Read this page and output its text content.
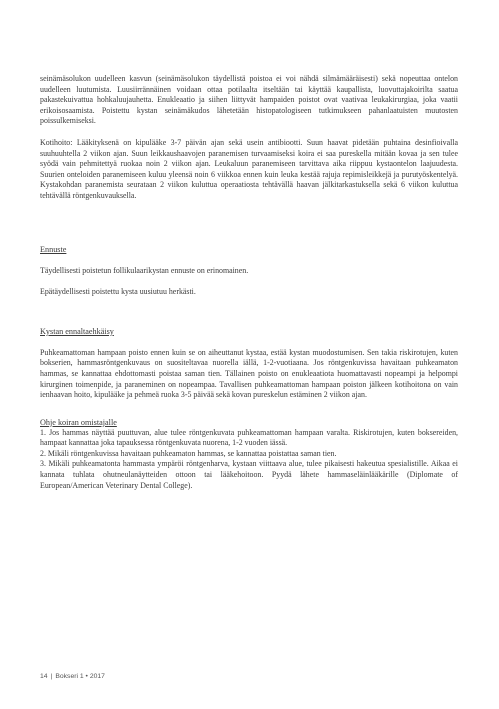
seinämäsolukon uudelleen kasvun (seinämäsolukon täydellistä poistoa ei voi nähdä silmämääräisesti) sekä nopeuttaa ontelon uudelleen luutumista. Luusiirrännäinen voidaan ottaa potilaalta itseltään tai käyttää kaupallista, luovuttajakoirilta saatua pakastekuivattua hohkaluujauhetta. Enukleaatio ja siihen liittyvät hampaiden poistot ovat vaativaa leukakirurgiaa, joka vaatii erikoisosaamista. Poistettu kystan seinämäkudos lähetetään histopatologiseen tutkimukseen pahanlaatuisten muutosten poissulkemiseksi.

Kotihoito: Lääkityksenä on kipulääke 3-7 päivän ajan sekä usein antibiootti. Suun haavat pidetään puhtaina desinfioivalla suuhuuhtella 2 viikon ajan. Suun leikkaushaavojen paranemisen turvaamiseksi koira ei saa pureskella mitään kovaa ja sen tulee syödä vain pehmitettyä ruokaa noin 2 viikon ajan. Leukaluun paranemiseen tarvittava aika riippuu kystaontelon laajuudesta. Suurien onteloiden paranemiseen kuluu yleensä noin 6 viikkoa ennen kuin leuka kestää rajuja repimisleikkejä ja purutyöskentelyä. Kystakohdan paranemista seurataan 2 viikon kuluttua operaatiosta tehtävällä haavan jälkitarkastuksella sekä 6 viikon kuluttua tehtävällä röntgenkuvauksella.

Ennuste

Täydellisesti poistetun follikulaarikystan ennuste on erinomainen.

Epätäydellisesti poistettu kysta uusiutuu herkästi.

Kystan ennaltaehkäisy

Puhkeamattoman hampaan poisto ennen kuin se on aiheuttanut kystaa, estää kystan muodostumisen. Sen takia riskirotujen, kuten bokserien, hammasröntgenkuvaus on suositeltavaa nuorella iällä, 1-2-vuotiaana. Jos röntgenkuvissa havaitaan puhkeamaton hammas, se kannattaa ehdottomasti poistaa saman tien. Tällainen poisto on enukleaatiota huomattavasti nopeampi ja helpompi kirurginen toimenpide, ja paraneminen on nopeampaa. Tavallisen puhkeamattoman hampaan poiston jälkeen kotihoitona on vain ienhaavan hoito, kipulääke ja pehmeä ruoka 3-5 päivää sekä kovan pureskelun estäminen 2 viikon ajan.

Ohje koiran omistajalle

1. Jos hammas näyttää puuttuvan, alue tulee röntgenkuvata puhkeamattoman hampaan varalta. Riskirotujen, kuten boksereiden, hampaat kannattaa joka tapauksessa röntgenkuvata nuorena, 1-2 vuoden iässä.

2. Mikäli röntgenkuvissa havaitaan puhkeamaton hammas, se kannattaa poistattaa saman tien.

3. Mikäli puhkeamatonta hammasta ympäröi röntgenharva, kystaan viittaava alue, tulee pikaisesti hakeutua spesialistille. Aikaa ei kannata tuhlata ohutneulanäytteiden ottoon tai lääkehoitoon. Pyydä lähete hammaseläinlääkärille (Diplomate of European/American Veterinary Dental College).

14 | Bokseri 1 • 2017
